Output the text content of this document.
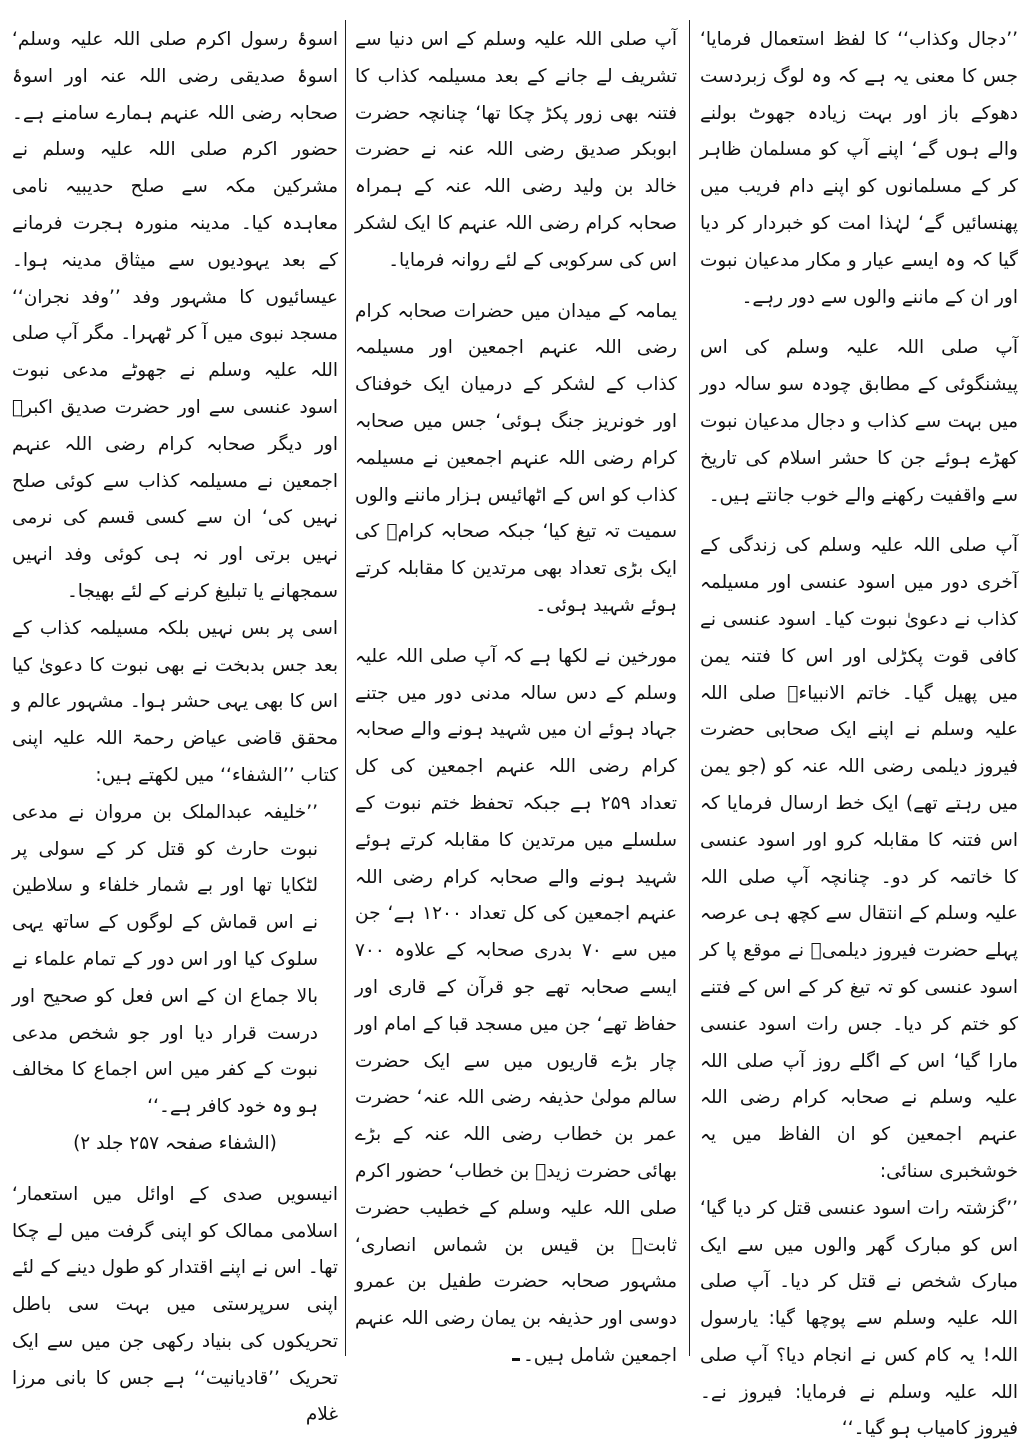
’’دجال وکذاب‘‘ کا لفظ استعمال فرمایا‘ جس کا معنی یہ ہے کہ وہ لوگ زبردست دھوکے باز اور بہت زیادہ جھوٹ بولنے والے ہوں گے‘ اپنے آپ کو مسلمان ظاہر کر کے مسلمانوں کو اپنے دام فریب میں پھنسائیں گے‘ لہٰذا امت کو خبردار کر دیا گیا کہ وہ ایسے عیار و مکار مدعیان نبوت اور ان کے ماننے والوں سے دور رہے۔

آپ صلی اللہ علیہ وسلم کی اس پیشنگوئی کے مطابق چودہ سو سالہ دور میں بہت سے کذاب و دجال مدعیان نبوت کھڑے ہوئے جن کا حشر اسلام کی تاریخ سے واقفیت رکھنے والے خوب جانتے ہیں۔

آپ صلی اللہ علیہ وسلم کی زندگی کے آخری دور میں اسود عنسی اور مسیلمہ کذاب نے دعویٰ نبوت کیا۔ اسود عنسی نے کافی قوت پکڑلی اور اس کا فتنہ یمن میں پھیل گیا۔ خاتم الانبیاءؐ صلی اللہ علیہ وسلم نے اپنے ایک صحابی حضرت فیروز دیلمی رضی اللہ عنہ کو (جو یمن میں رہتے تھے) ایک خط ارسال فرمایا کہ اس فتنہ کا مقابلہ کرو اور اسود عنسی کا خاتمہ کر دو۔ چنانچہ آپ صلی اللہ علیہ وسلم کے انتقال سے کچھ ہی عرصہ پہلے حضرت فیروز دیلمیؓ نے موقع پا کر اسود عنسی کو تہ تیغ کر کے اس کے فتنے کو ختم کر دیا۔ جس رات اسود عنسی مارا گیا‘ اس کے اگلے روز آپ صلی اللہ علیہ وسلم نے صحابہ کرام رضی اللہ عنہم اجمعین کو ان الفاظ میں یہ خوشخبری سنائی:

’’گزشتہ رات اسود عنسی قتل کر دیا گیا‘ اس کو مبارک گھر والوں میں سے ایک مبارک شخص نے قتل کر دیا۔ آپ صلی اللہ علیہ وسلم سے پوچھا گیا: یارسول اللہ! یہ کام کس نے انجام دیا؟ آپ صلی اللہ علیہ وسلم نے فرمایا: فیروز نے۔ فیروز کامیاب ہو گیا۔‘‘

آپ صلی اللہ علیہ وسلم کے اس دنیا سے تشریف لے جانے کے بعد مسیلمہ کذاب کا فتنہ بھی زور پکڑ چکا تھا‘ چنانچہ حضرت ابوبکر صدیق رضی اللہ عنہ نے حضرت خالد بن ولید رضی اللہ عنہ کے ہمراہ صحابہ کرام رضی اللہ عنہم کا ایک لشکر اس کی سرکوبی کے لئے روانہ فرمایا۔

یمامہ کے میدان میں حضرات صحابہ کرام رضی اللہ عنہم اجمعین اور مسیلمہ کذاب کے لشکر کے درمیان ایک خوفناک اور خونریز جنگ ہوئی‘ جس میں صحابہ کرام رضی اللہ عنہم اجمعین نے مسیلمہ کذاب کو اس کے اٹھائیس ہزار ماننے والوں سمیت تہ تیغ کیا‘ جبکہ صحابہ کرامؓ کی ایک بڑی تعداد بھی مرتدین کا مقابلہ کرتے ہوئے شہید ہوئی۔

مورخین نے لکھا ہے کہ آپ صلی اللہ علیہ وسلم کے دس سالہ مدنی دور میں جتنے جہاد ہوئے ان میں شہید ہونے والے صحابہ کرام رضی اللہ عنہم اجمعین کی کل تعداد ۲۵۹ ہے جبکہ تحفظ ختم نبوت کے سلسلے میں مرتدین کا مقابلہ کرتے ہوئے شہید ہونے والے صحابہ کرام رضی اللہ عنہم اجمعین کی کل تعداد ۱۲۰۰ ہے‘ جن میں سے ۷۰ بدری صحابہ کے علاوہ ۷۰۰ ایسے صحابہ تھے جو قرآن کے قاری اور حفاظ تھے‘ جن میں مسجد قبا کے امام اور چار بڑے قاریوں میں سے ایک حضرت سالم مولیٰ حذیفہ رضی اللہ عنہ‘ حضرت عمر بن خطاب رضی اللہ عنہ کے بڑے بھائی حضرت زیدؓ بن خطاب‘ حضور اکرم صلی اللہ علیہ وسلم کے خطیب حضرت ثابتؓ بن قیس بن شماس انصاری‘ مشہور صحابہ حضرت طفیل بن عمرو دوسی اور حذیفہ بن یمان رضی اللہ عنہم اجمعین شامل ہیں۔

اسوۂ رسول اکرم صلی اللہ علیہ وسلم‘ اسوۂ صدیقی رضی اللہ عنہ اور اسوۂ صحابہ رضی اللہ عنہم ہمارے سامنے ہے۔ حضور اکرم صلی اللہ علیہ وسلم نے مشرکین مکہ سے صلح حدیبیہ نامی معاہدہ کیا۔ مدینہ منورہ ہجرت فرمانے کے بعد یہودیوں سے میثاق مدینہ ہوا۔ عیسائیوں کا مشہور وفد ’’وفد نجران‘‘ مسجد نبوی میں آ کر ٹھہرا۔ مگر آپ صلی اللہ علیہ وسلم نے جھوٹے مدعی نبوت اسود عنسی سے اور حضرت صدیق اکبرؓ اور دیگر صحابہ کرام رضی اللہ عنہم اجمعین نے مسیلمہ کذاب سے کوئی صلح نہیں کی‘ ان سے کسی قسم کی نرمی نہیں برتی اور نہ ہی کوئی وفد انہیں سمجھانے یا تبلیغ کرنے کے لئے بھیجا۔

اسی پر بس نہیں بلکہ مسیلمہ کذاب کے بعد جس بدبخت نے بھی نبوت کا دعویٰ کیا اس کا بھی یہی حشر ہوا۔ مشہور عالم و محقق قاضی عیاض رحمۃ اللہ علیہ اپنی کتاب ’’الشفاء‘‘ میں لکھتے ہیں:

’’خلیفہ عبدالملک بن مروان نے مدعی نبوت حارث کو قتل کر کے سولی پر لٹکایا تھا اور بے شمار خلفاء و سلاطین نے اس قماش کے لوگوں کے ساتھ یہی سلوک کیا اور اس دور کے تمام علماء نے بالا جماع ان کے اس فعل کو صحیح اور درست قرار دیا اور جو شخص مدعی نبوت کے کفر میں اس اجماع کا مخالف ہو وہ خود کافر ہے۔‘‘

(الشفاء صفحہ ۲۵۷ جلد ۲)

انیسویں صدی کے اوائل میں استعمار‘ اسلامی ممالک کو اپنی گرفت میں لے چکا تھا۔ اس نے اپنے اقتدار کو طول دینے کے لئے اپنی سرپرستی میں بہت سی باطل تحریکوں کی بنیاد رکھی جن میں سے ایک تحریک ’’قادیانیت‘‘ ہے جس کا بانی مرزا غلام
